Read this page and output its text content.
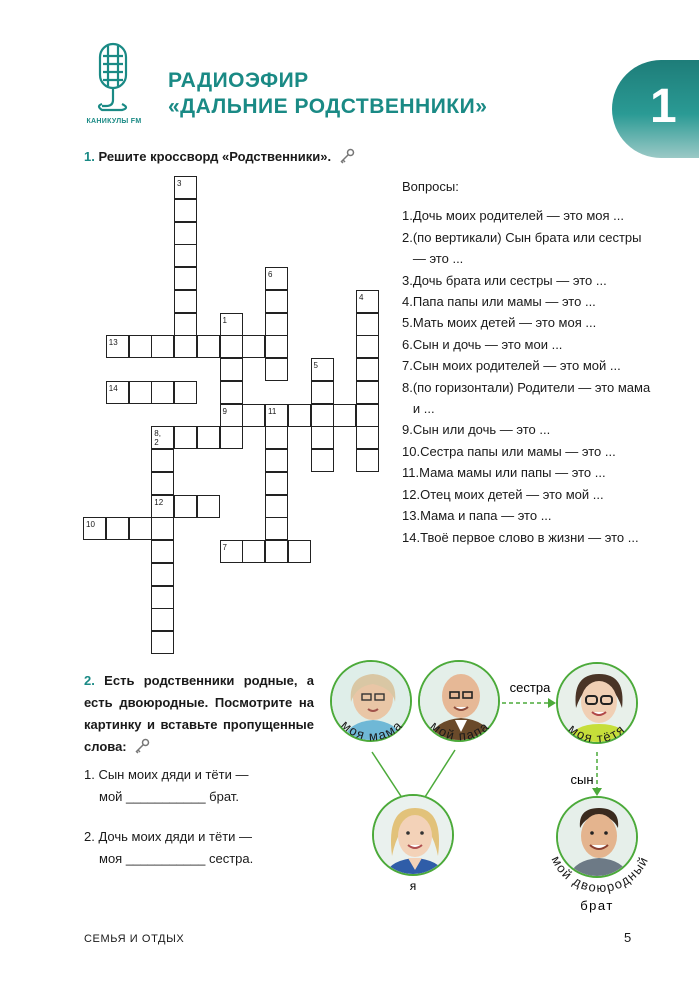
КАНИКУЛЫ FM
РАДИОЭФИР
«ДАЛЬНИЕ РОДСТВЕННИКИ»	1
1. Решите кроссворд «Родственники».
3
6
4
1
13
5
14
9	11
8, 2
12
10
7
Вопросы:
1. Дочь моих родителей — это моя ...
2. (по вертикали) Сын брата или сестры — это ...
3. Дочь брата или сестры — это ...
4. Папа папы или мамы — это ...
5. Мать моих детей — это моя ...
6. Сын и дочь — это мои ...
7. Сын моих родителей — это мой ...
8. (по горизонтали) Родители — это мама и ...
9. Сын или дочь — это ...
10. Сестра папы или мамы — это ...
11. Мама мамы или папы — это ...
12. Отец моих детей — это мой ...
13. Мама и папа — это ...
14. Твоё первое слово в жизни — это ...
2. Есть родственники родные, а есть двоюродные. Посмотрите на картинку и вставьте пропущенные слова:
1. Сын моих дяди и тёти —
мой ___________ брат.
2. Дочь моих дяди и тёти —
моя ___________ сестра.
моя мама мой папа	моя тётя
мой двоюродный
брат
я
сестра
сын
СЕМЬЯ И ОТДЫХ	5
